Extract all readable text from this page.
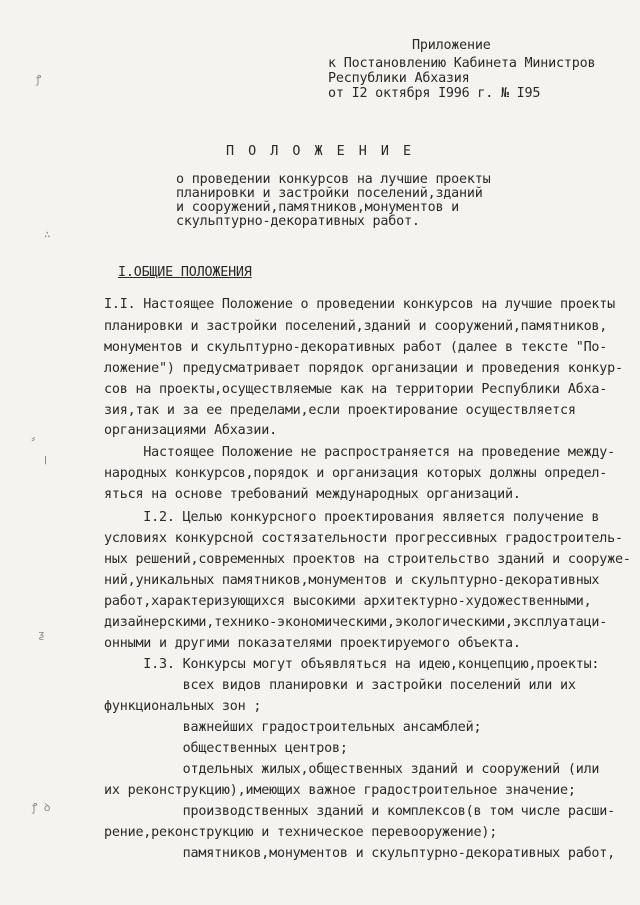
ꝭ
∴
⸗
ꞁ
ƺ
ꝭ ꝺ
Приложение
к Постановлению Кабинета Министров
Республики Абхазия
от I2 октября I996 г. № I95
П О Л О Ж Е Н И Е
о проведении конкурсов на лучшие проекты
планировки и застройки поселений,зданий
и сооружений,памятников,монументов и
скульптурно-декоративных работ.
I.ОБЩИЕ ПОЛОЖЕНИЯ
I.I. Настоящее Положение о проведении конкурсов на лучшие проекты
планировки и застройки поселений,зданий и сооружений,памятников,
монументов и скульптурно-декоративных работ (далее в тексте "По-
ложение") предусматривает порядок организации и проведения конкур-
сов на проекты,осуществляемые как на территории Республики Абха-
зия,так и за ее пределами,если проектирование осуществляется
организациями Абхазии.
Настоящее Положение не распространяется на проведение между-
народных конкурсов,порядок и организация которых должны определ-
яться на основе требований международных организаций.
I.2. Целью конкурсного проектирования является получение в
условиях конкурсной состязательности прогрессивных градостроитель-
ных решений,современных проектов на строительство зданий и сооруже-
ний,уникальных памятников,монументов и скульптурно-декоративных
работ,характеризующихся высокими архитектурно-художественными,
дизайнерскими,технико-экономическими,экологическими,эксплуатаци-
онными и другими показателями проектируемого объекта.
I.3. Конкурсы могут объявляться на идею,концепцию,проекты:
всех видов планировки и застройки поселений или их
функциональных зон ;
важнейших градостроительных ансамблей;
общественных центров;
отдельных жилых,общественных зданий и сооружений (или
их реконструкцию),имеющих важное градостроительное значение;
производственных зданий и комплексов(в том числе расши-
рение,реконструкцию и техническое перевооружение);
памятников,монументов и скульптурно-декоративных работ,
